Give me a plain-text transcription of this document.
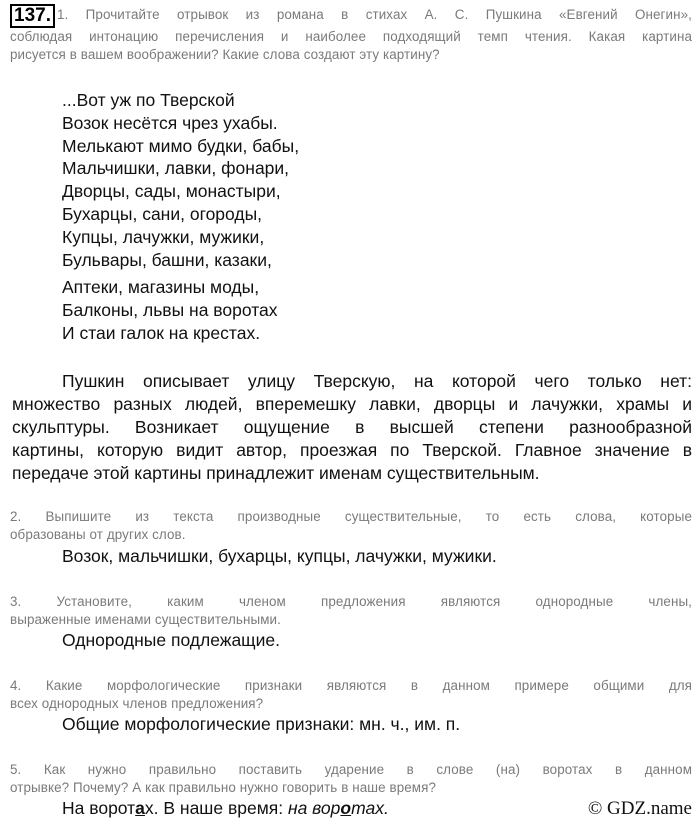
137. 1. Прочитайте отрывок из романа в стихах А. С. Пушкина «Евгений Онегин»,
соблюдая интонацию перечисления и наиболее подходящий темп чтения. Какая картина
рисуется в вашем воображении? Какие слова создают эту картину?
...Вот уж по Тверской
Возок несётся чрез ухабы.
Мелькают мимо будки, бабы,
Мальчишки, лавки, фонари,
Дворцы, сады, монастыри,
Бухарцы, сани, огороды,
Купцы, лачужки, мужики,
Бульвары, башни, казаки,
Аптеки, магазины моды,
Балконы, львы на воротах
И стаи галок на крестах.
Пушкин описывает улицу Тверскую, на которой чего только нет:
множество разных людей, вперемешку лавки, дворцы и лачужки, храмы и
скульптуры. Возникает ощущение в высшей степени разнообразной
картины, которую видит автор, проезжая по Тверской. Главное значение в
передаче этой картины принадлежит именам существительным.
2. Выпишите из текста производные существительные, то есть слова, которые
образованы от других слов.
Возок, мальчишки, бухарцы, купцы, лачужки, мужики.
3. Установите, каким членом предложения являются однородные члены,
выраженные именами существительными.
Однородные подлежащие.
4. Какие морфологические признаки являются в данном примере общими для
всех однородных членов предложения?
Общие морфологические признаки: мн. ч., им. п.
5. Как нужно правильно поставить ударение в слове (на) воротах в данном
отрывке? Почему? А как правильно нужно говорить в наше время?
На воротах. В наше время: на воротах.	© GDZ.name
